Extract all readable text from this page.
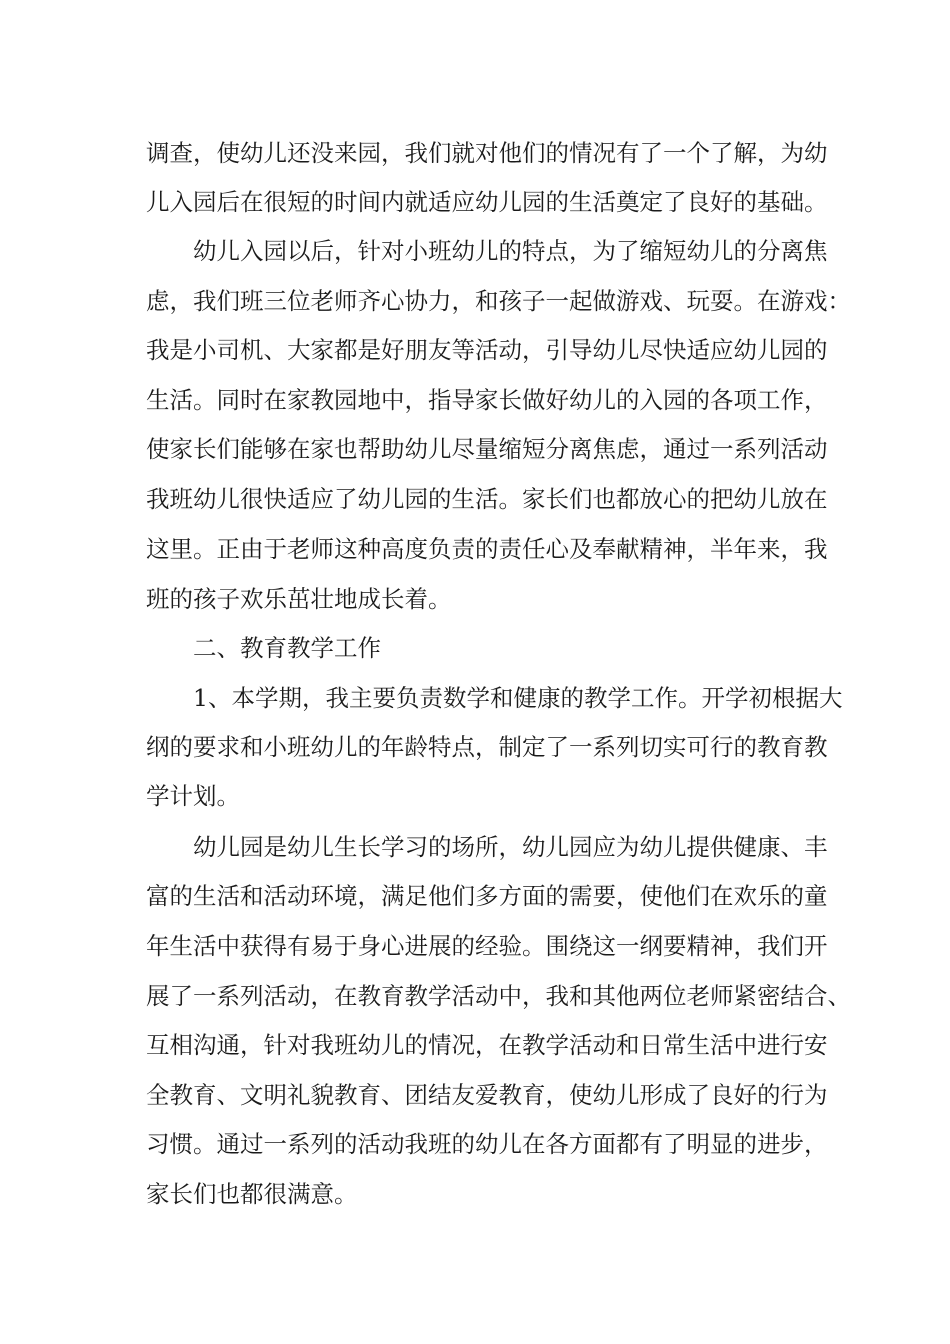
调查，使幼儿还没来园，我们就对他们的情况有了一个了解，为幼
儿入园后在很短的时间内就适应幼儿园的生活奠定了良好的基础。
幼儿入园以后，针对小班幼儿的特点，为了缩短幼儿的分离焦
虑，我们班三位老师齐心协力，和孩子一起做游戏、玩耍。在游戏：
我是小司机、大家都是好朋友等活动，引导幼儿尽快适应幼儿园的
生活。同时在家教园地中，指导家长做好幼儿的入园的各项工作，
使家长们能够在家也帮助幼儿尽量缩短分离焦虑，通过一系列活动
我班幼儿很快适应了幼儿园的生活。家长们也都放心的把幼儿放在
这里。正由于老师这种高度负责的责任心及奉献精神，半年来，我
班的孩子欢乐茁壮地成长着。
二、教育教学工作
1、本学期，我主要负责数学和健康的教学工作。开学初根据大
纲的要求和小班幼儿的年龄特点，制定了一系列切实可行的教育教
学计划。
幼儿园是幼儿生长学习的场所，幼儿园应为幼儿提供健康、丰
富的生活和活动环境，满足他们多方面的需要，使他们在欢乐的童
年生活中获得有易于身心进展的经验。围绕这一纲要精神，我们开
展了一系列活动，在教育教学活动中，我和其他两位老师紧密结合、
互相沟通，针对我班幼儿的情况，在教学活动和日常生活中进行安
全教育、文明礼貌教育、团结友爱教育，使幼儿形成了良好的行为
习惯。通过一系列的活动我班的幼儿在各方面都有了明显的进步，
家长们也都很满意。
